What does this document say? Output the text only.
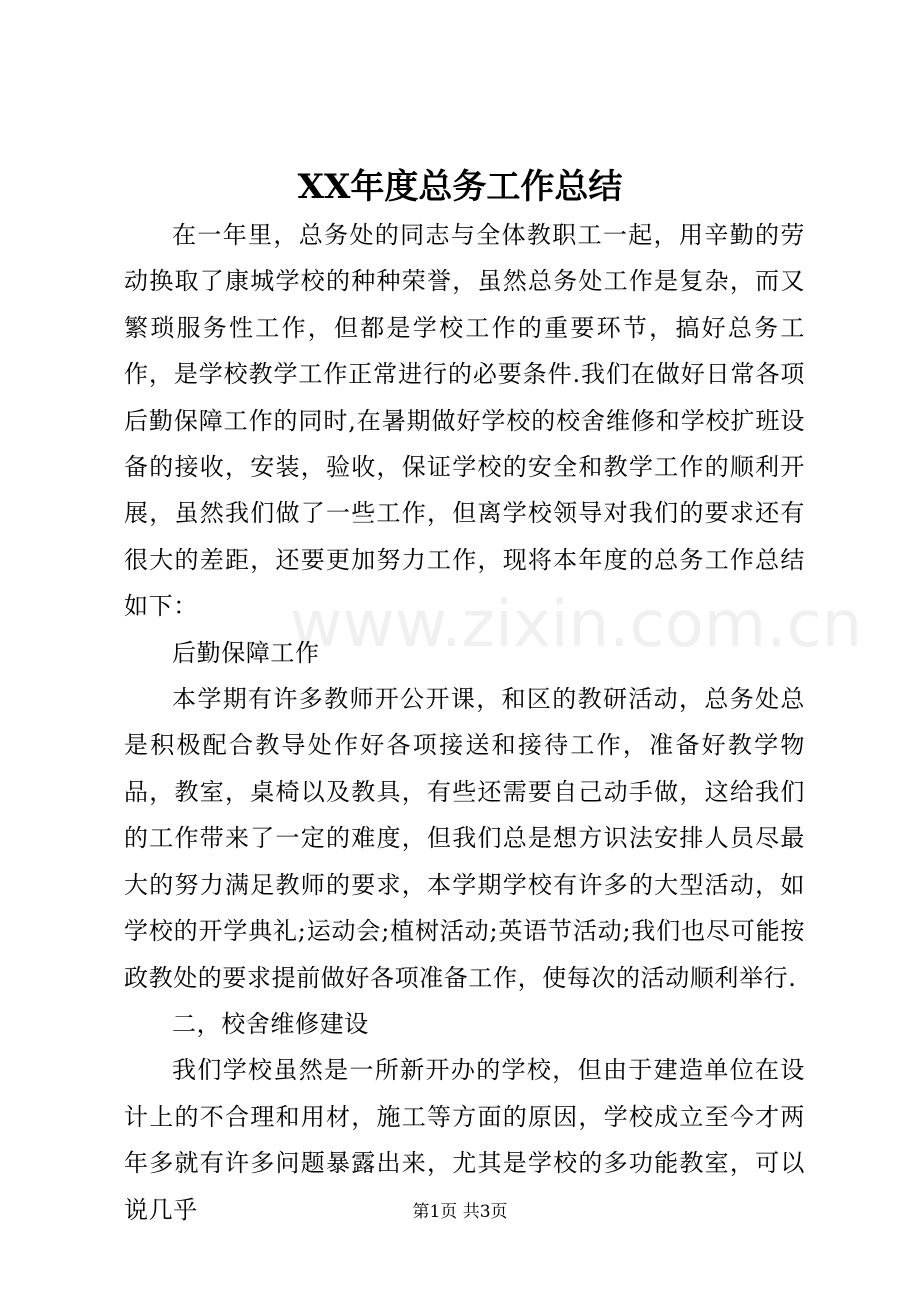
XX年度总务工作总结

在一年里，总务处的同志与全体教职工一起，用辛勤的劳动换取了康城学校的种种荣誉，虽然总务处工作是复杂，而又繁琐服务性工作，但都是学校工作的重要环节，搞好总务工作，是学校教学工作正常进行的必要条件.我们在做好日常各项后勤保障工作的同时,在暑期做好学校的校舍维修和学校扩班设备的接收，安装，验收，保证学校的安全和教学工作的顺利开展，虽然我们做了一些工作，但离学校领导对我们的要求还有很大的差距，还要更加努力工作，现将本年度的总务工作总结如下：

后勤保障工作

本学期有许多教师开公开课，和区的教研活动，总务处总是积极配合教导处作好各项接送和接待工作，准备好教学物品，教室，桌椅以及教具，有些还需要自己动手做，这给我们的工作带来了一定的难度，但我们总是想方识法安排人员尽最大的努力满足教师的要求，本学期学校有许多的大型活动，如学校的开学典礼;运动会;植树活动;英语节活动;我们也尽可能按政教处的要求提前做好各项准备工作，使每次的活动顺利举行.

二，校舍维修建设

我们学校虽然是一所新开办的学校，但由于建造单位在设计上的不合理和用材，施工等方面的原因，学校成立至今才两年多就有许多问题暴露出来，尤其是学校的多功能教室，可以说几乎

www.zixin.com.cn
第1页 共3页
